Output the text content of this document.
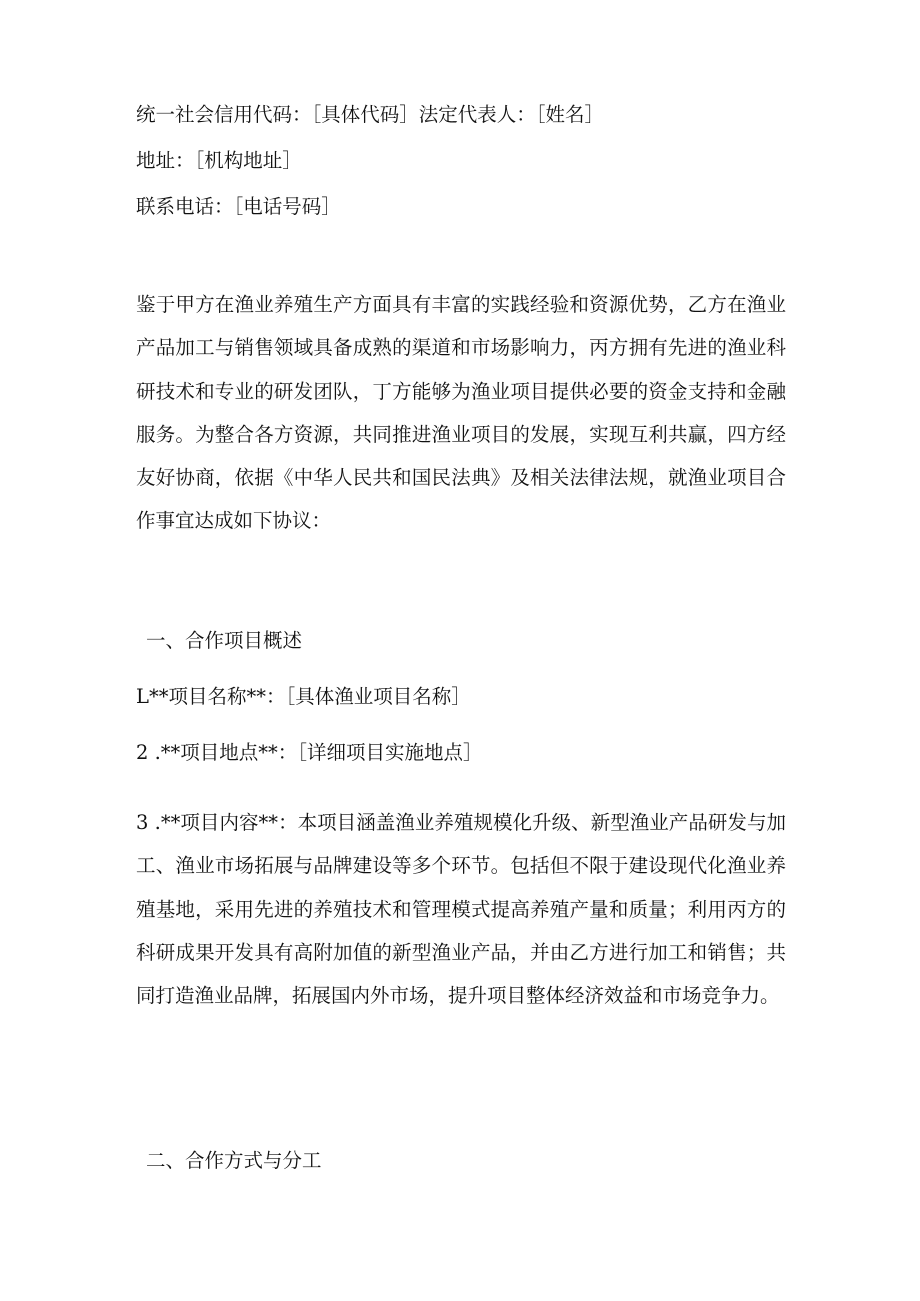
统一社会信用代码：［具体代码］法定代表人：［姓名］

地址：［机构地址］

联系电话：［电话号码］

鉴于甲方在渔业养殖生产方面具有丰富的实践经验和资源优势，乙方在渔业产品加工与销售领域具备成熟的渠道和市场影响力，丙方拥有先进的渔业科研技术和专业的研发团队，丁方能够为渔业项目提供必要的资金支持和金融服务。为整合各方资源，共同推进渔业项目的发展，实现互利共赢，四方经友好协商，依据《中华人民共和国民法典》及相关法律法规，就渔业项目合作事宜达成如下协议：

一、合作项目概述

L**项目名称**：［具体渔业项目名称］

2 .**项目地点**：［详细项目实施地点］

3 .**项目内容**：本项目涵盖渔业养殖规模化升级、新型渔业产品研发与加工、渔业市场拓展与品牌建设等多个环节。包括但不限于建设现代化渔业养殖基地，采用先进的养殖技术和管理模式提高养殖产量和质量；利用丙方的科研成果开发具有高附加值的新型渔业产品，并由乙方进行加工和销售；共同打造渔业品牌，拓展国内外市场，提升项目整体经济效益和市场竞争力。

二、合作方式与分工
